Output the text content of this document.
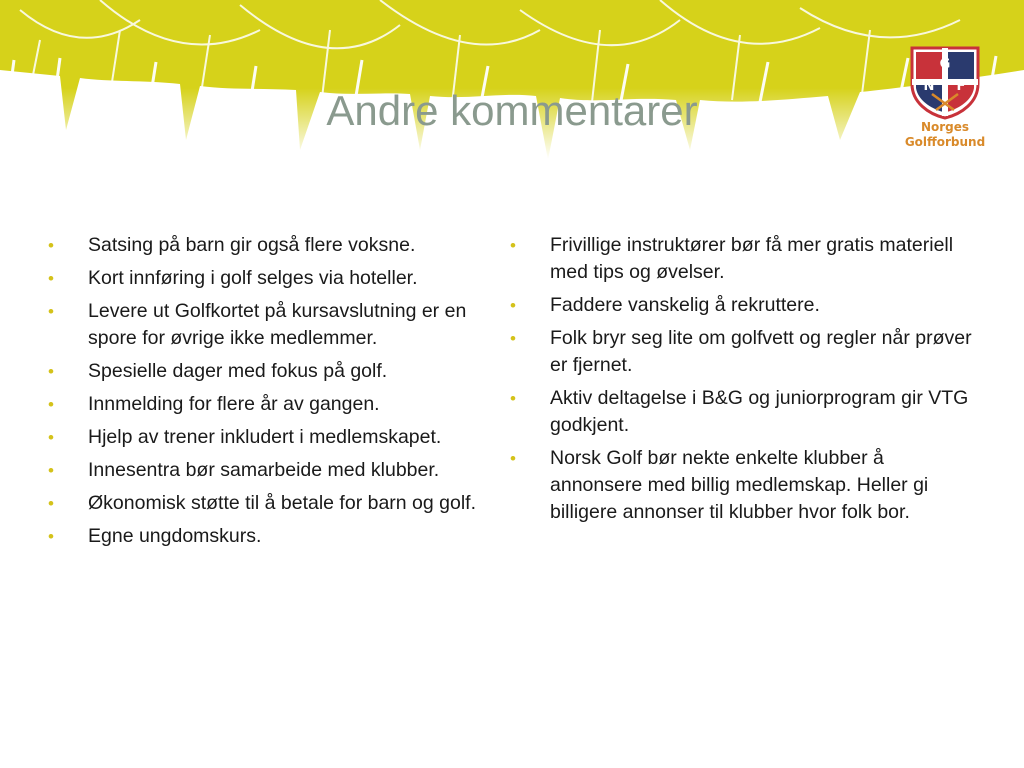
Andre kommentarer
G
N F
Norges
Golfforbund
• Satsing på barn gir også flere voksne.
• Kort innføring i golf selges via hoteller.
• Levere ut Golfkortet på kursavslutning er en spore for øvrige ikke medlemmer.
• Spesielle dager med fokus på golf.
• Innmelding for flere år av gangen.
• Hjelp av trener inkludert i medlemskapet.
• Innesentra bør samarbeide med klubber.
• Økonomisk støtte til å betale for barn og golf.
• Egne ungdomskurs.
• Frivillige instruktører bør få mer gratis materiell med tips og øvelser.
• Faddere vanskelig å rekruttere.
• Folk bryr seg lite om golfvett og regler når prøver er fjernet.
• Aktiv deltagelse i B&G og juniorprogram gir VTG godkjent.
• Norsk Golf bør nekte enkelte klubber å annonsere med billig medlemskap. Heller gi billigere annonser til klubber hvor folk bor.
